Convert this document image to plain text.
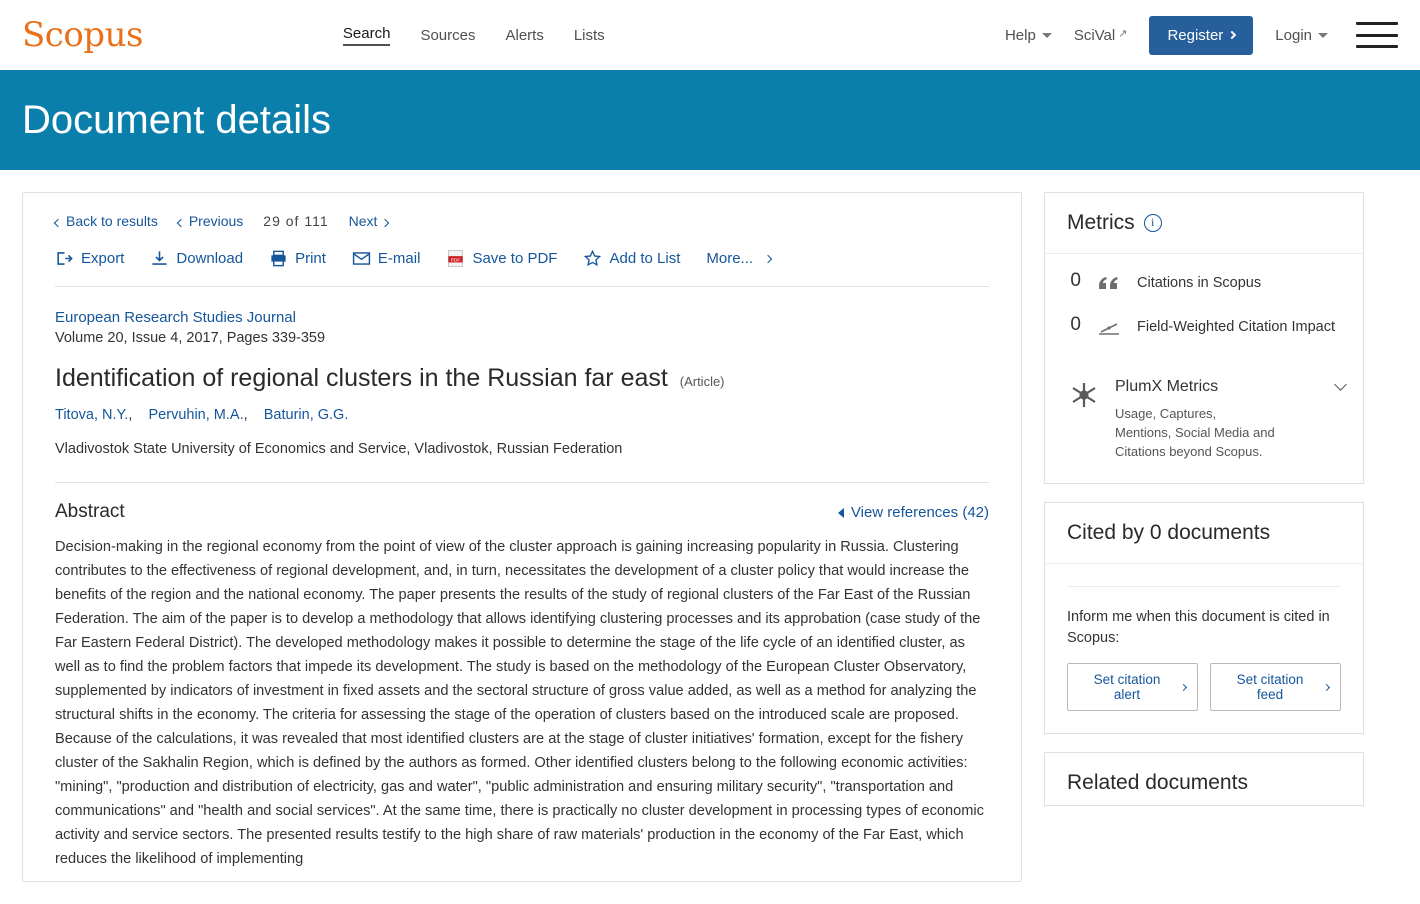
Scopus	Search Sources Alerts Lists	Help	SciVal ↗	Register	Login
Document details
Back to results	Previous 29 of 111 Next
Export	Download	Print	E-mail	PDF Save to PDF	Add to List More...
European Research Studies Journal
Volume 20, Issue 4, 2017, Pages 339-359
Identification of regional clusters in the Russian far east (Article)
Titova, N.Y., Pervuhin, M.A., Baturin, G.G.
Vladivostok State University of Economics and Service, Vladivostok, Russian Federation
Abstract	View references (42)
Decision-making in the regional economy from the point of view of the cluster approach is gaining increasing popularity in Russia. Clustering contributes to the effectiveness of regional development, and, in turn, necessitates the development of a cluster policy that would increase the benefits of the region and the national economy. The paper presents the results of the study of regional clusters of the Far East of the Russian Federation. The aim of the paper is to develop a methodology that allows identifying clustering processes and its approbation (case study of the Far Eastern Federal District). The developed methodology makes it possible to determine the stage of the life cycle of an identified cluster, as well as to find the problem factors that impede its development. The study is based on the methodology of the European Cluster Observatory, supplemented by indicators of investment in fixed assets and the sectoral structure of gross value added, as well as a method for analyzing the structural shifts in the economy. The criteria for assessing the stage of the operation of clusters based on the introduced scale are proposed. Because of the calculations, it was revealed that most identified clusters are at the stage of cluster initiatives' formation, except for the fishery cluster of the Sakhalin Region, which is defined by the authors as formed. Other identified clusters belong to the following economic activities: "mining", "production and distribution of electricity, gas and water", "public administration and ensuring military security", "transportation and communications" and "health and social services". At the same time, there is practically no cluster development in processing types of economic activity and service sectors. The presented results testify to the high share of raw materials' production in the economy of the Far East, which reduces the likelihood of implementing
Metrics	i
0	Citations in Scopus
0	Field-Weighted Citation Impact
PlumX Metrics

Usage, Captures, Mentions, Social Media and Citations beyond Scopus.

Cited by 0 documents
Inform me when this document is cited in Scopus:
Set citation alert
Set citation feed
Related documents
